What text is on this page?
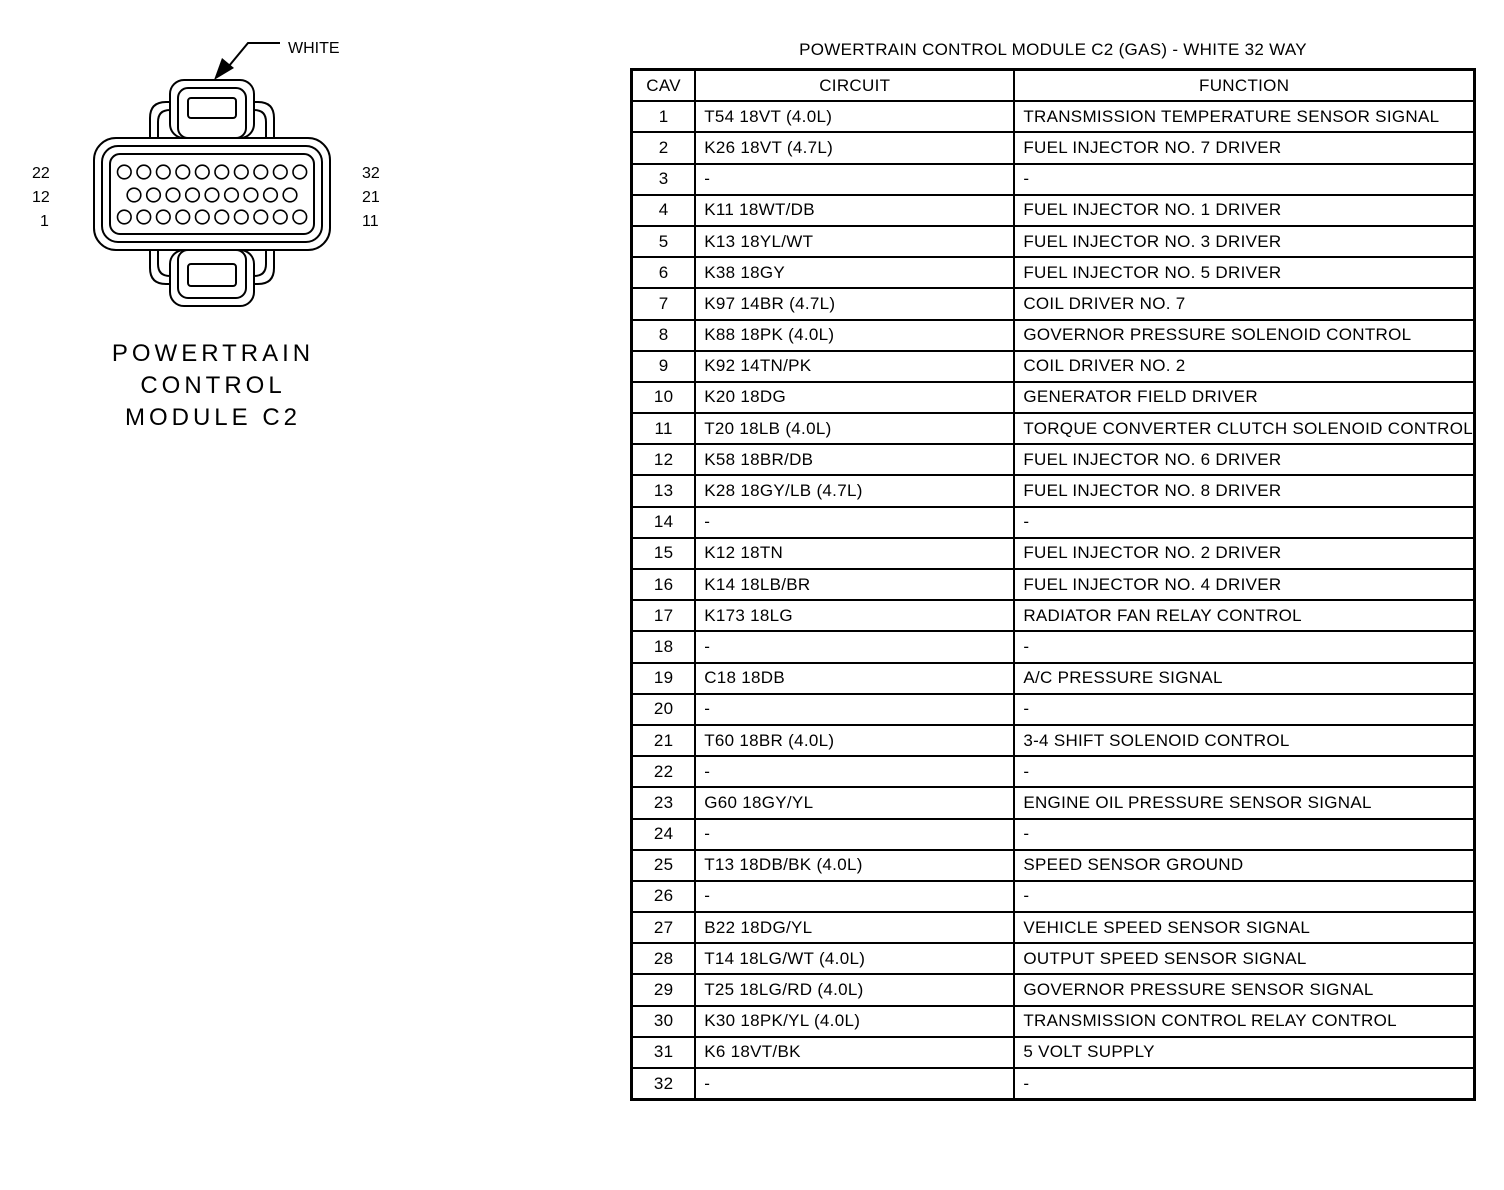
WHITE
22
12
1
32
21
11
POWERTRAIN
CONTROL
MODULE C2
POWERTRAIN CONTROL MODULE C2 (GAS) - WHITE 32 WAY
CAV	CIRCUIT	FUNCTION
1	T54 18VT (4.0L)	TRANSMISSION TEMPERATURE SENSOR SIGNAL
2	K26 18VT (4.7L)	FUEL INJECTOR NO. 7 DRIVER
3	-	-
4	K11 18WT/DB	FUEL INJECTOR NO. 1 DRIVER
5	K13 18YL/WT	FUEL INJECTOR NO. 3 DRIVER
6	K38 18GY	FUEL INJECTOR NO. 5 DRIVER
7	K97 14BR (4.7L)	COIL DRIVER NO. 7
8	K88 18PK (4.0L)	GOVERNOR PRESSURE SOLENOID CONTROL
9	K92 14TN/PK	COIL DRIVER NO. 2
10	K20 18DG	GENERATOR FIELD DRIVER
11	T20 18LB (4.0L)	TORQUE CONVERTER CLUTCH SOLENOID CONTROL
12	K58 18BR/DB	FUEL INJECTOR NO. 6 DRIVER
13	K28 18GY/LB (4.7L)	FUEL INJECTOR NO. 8 DRIVER
14	-	-
15	K12 18TN	FUEL INJECTOR NO. 2 DRIVER
16	K14 18LB/BR	FUEL INJECTOR NO. 4 DRIVER
17	K173 18LG	RADIATOR FAN RELAY CONTROL
18	-	-
19	C18 18DB	A/C PRESSURE SIGNAL
20	-	-
21	T60 18BR (4.0L)	3-4 SHIFT SOLENOID CONTROL
22	-	-
23	G60 18GY/YL	ENGINE OIL PRESSURE SENSOR SIGNAL
24	-	-
25	T13 18DB/BK (4.0L)	SPEED SENSOR GROUND
26	-	-
27	B22 18DG/YL	VEHICLE SPEED SENSOR SIGNAL
28	T14 18LG/WT (4.0L)	OUTPUT SPEED SENSOR SIGNAL
29	T25 18LG/RD (4.0L)	GOVERNOR PRESSURE SENSOR SIGNAL
30	K30 18PK/YL (4.0L)	TRANSMISSION CONTROL RELAY CONTROL
31	K6 18VT/BK	5 VOLT SUPPLY
32	-	-
